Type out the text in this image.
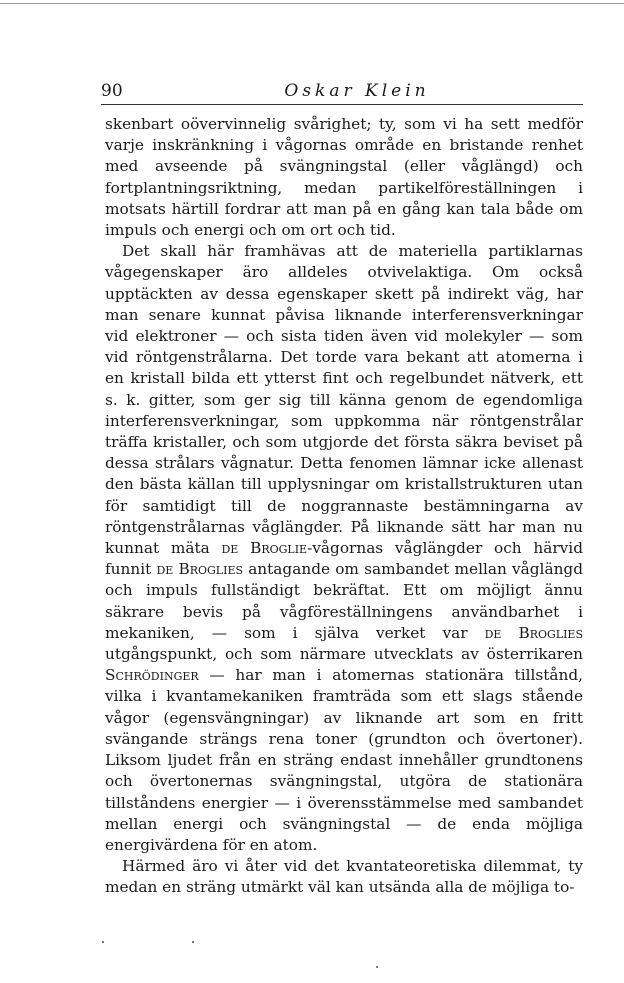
90	Oskar Klein

skenbart oövervinnelig svårighet; ty, som vi ha sett medför varje inskränkning i vågornas område en bristande renhet med avseende på svängningstal (eller våglängd) och fortplantningsriktning, medan partikelföreställningen i motsats härtill fordrar att man på en gång kan tala både om impuls och energi och om ort och tid.

Det skall här framhävas att de materiella partiklarnas vågegenskaper äro alldeles otvivelaktiga. Om också upptäckten av dessa egenskaper skett på indirekt väg, har man senare kunnat påvisa liknande interferensverkningar vid elektroner — och sista tiden även vid molekyler — som vid röntgenstrålarna. Det torde vara bekant att atomerna i en kristall bilda ett ytterst fint och regelbundet nätverk, ett s. k. gitter, som ger sig till känna genom de egendomliga interferensverkningar, som uppkomma när röntgenstrålar träffa kristaller, och som utgjorde det första säkra beviset på dessa strålars vågnatur. Detta fenomen lämnar icke allenast den bästa källan till upplysningar om kristallstrukturen utan för samtidigt till de noggrannaste bestämningarna av röntgenstrålarnas våglängder. På liknande sätt har man nu kunnat mäta de Broglie-vågornas våglängder och härvid funnit de Broglies antagande om sambandet mellan våglängd och impuls fullständigt bekräftat. Ett om möjligt ännu säkrare bevis på vågföreställningens användbarhet i mekaniken, — som i själva verket var de Broglies utgångspunkt, och som närmare utvecklats av österrikaren Schrödinger — har man i atomernas stationära tillstånd, vilka i kvantamekaniken framträda som ett slags stående vågor (egensvängningar) av liknande art som en fritt svängande strängs rena toner (grundton och övertoner). Liksom ljudet från en sträng endast innehåller grundtonens och övertonernas svängningstal, utgöra de stationära tillståndens energier — i överensstämmelse med sambandet mellan energi och svängningstal — de enda möjliga energivärdena för en atom.

Härmed äro vi åter vid det kvantateoretiska dilemmat, ty medan en sträng utmärkt väl kan utsända alla de möjliga to-
